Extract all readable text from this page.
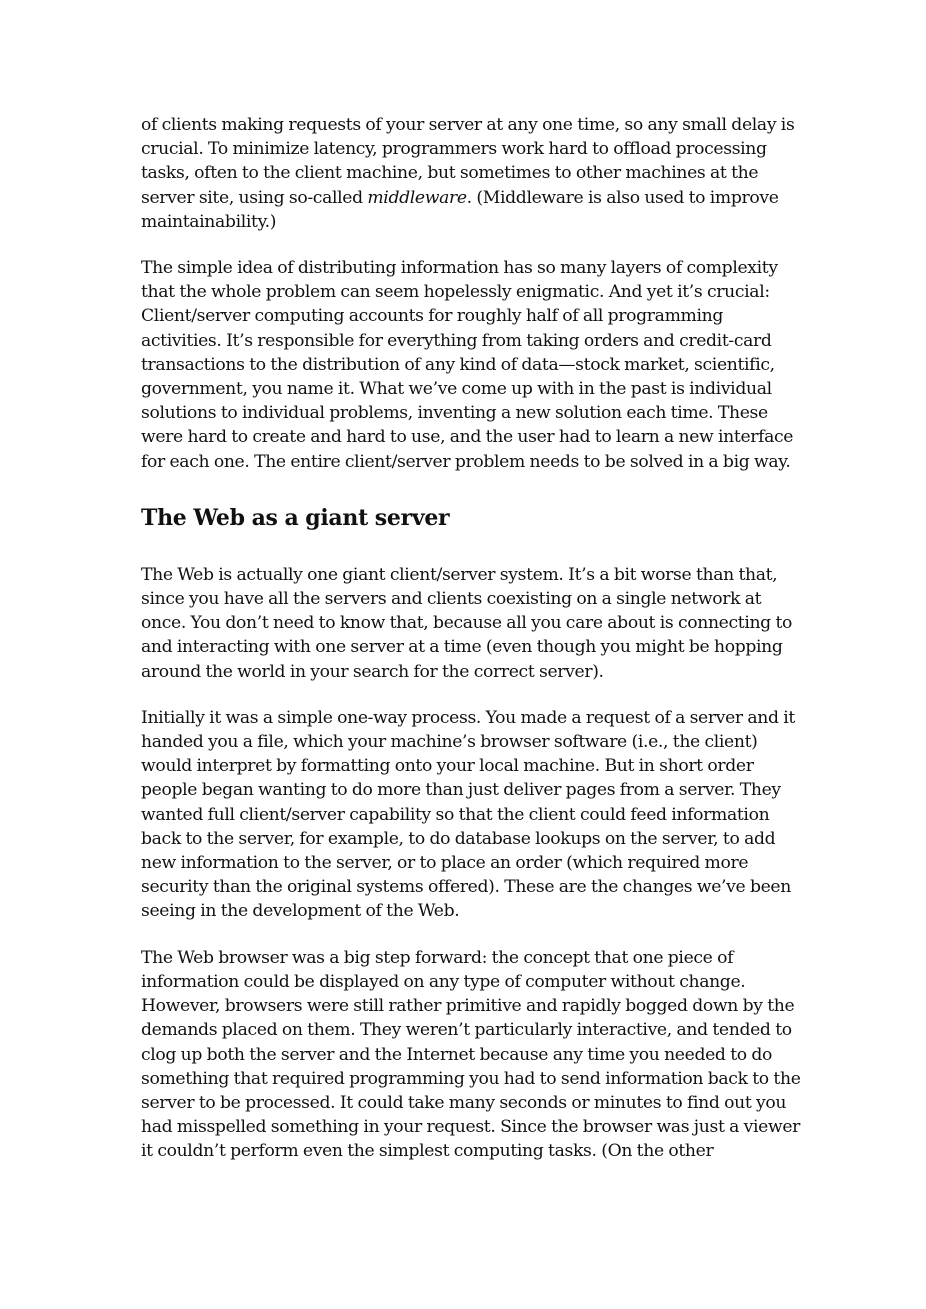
of clients making requests of your server at any one time, so any small delay is crucial. To minimize latency, programmers work hard to offload processing tasks, often to the client machine, but sometimes to other machines at the server site, using so-called middleware. (Middleware is also used to improve maintainability.)

The simple idea of distributing information has so many layers of complexity that the whole problem can seem hopelessly enigmatic. And yet it’s crucial: Client/server computing accounts for roughly half of all programming activities. It’s responsible for everything from taking orders and credit-card transactions to the distribution of any kind of data—stock market, scientific, government, you name it. What we’ve come up with in the past is individual solutions to individual problems, inventing a new solution each time. These were hard to create and hard to use, and the user had to learn a new interface for each one. The entire client/server problem needs to be solved in a big way.

The Web as a giant server

The Web is actually one giant client/server system. It’s a bit worse than that, since you have all the servers and clients coexisting on a single network at once. You don’t need to know that, because all you care about is connecting to and interacting with one server at a time (even though you might be hopping around the world in your search for the correct server).

Initially it was a simple one-way process. You made a request of a server and it handed you a file, which your machine’s browser software (i.e., the client) would interpret by formatting onto your local machine. But in short order people began wanting to do more than just deliver pages from a server. They wanted full client/server capability so that the client could feed information back to the server, for example, to do database lookups on the server, to add new information to the server, or to place an order (which required more security than the original systems offered). These are the changes we’ve been seeing in the development of the Web.

The Web browser was a big step forward: the concept that one piece of information could be displayed on any type of computer without change. However, browsers were still rather primitive and rapidly bogged down by the demands placed on them. They weren’t particularly interactive, and tended to clog up both the server and the Internet because any time you needed to do something that required programming you had to send information back to the server to be processed. It could take many seconds or minutes to find out you had misspelled something in your request. Since the browser was just a viewer it couldn’t perform even the simplest computing tasks. (On the other
